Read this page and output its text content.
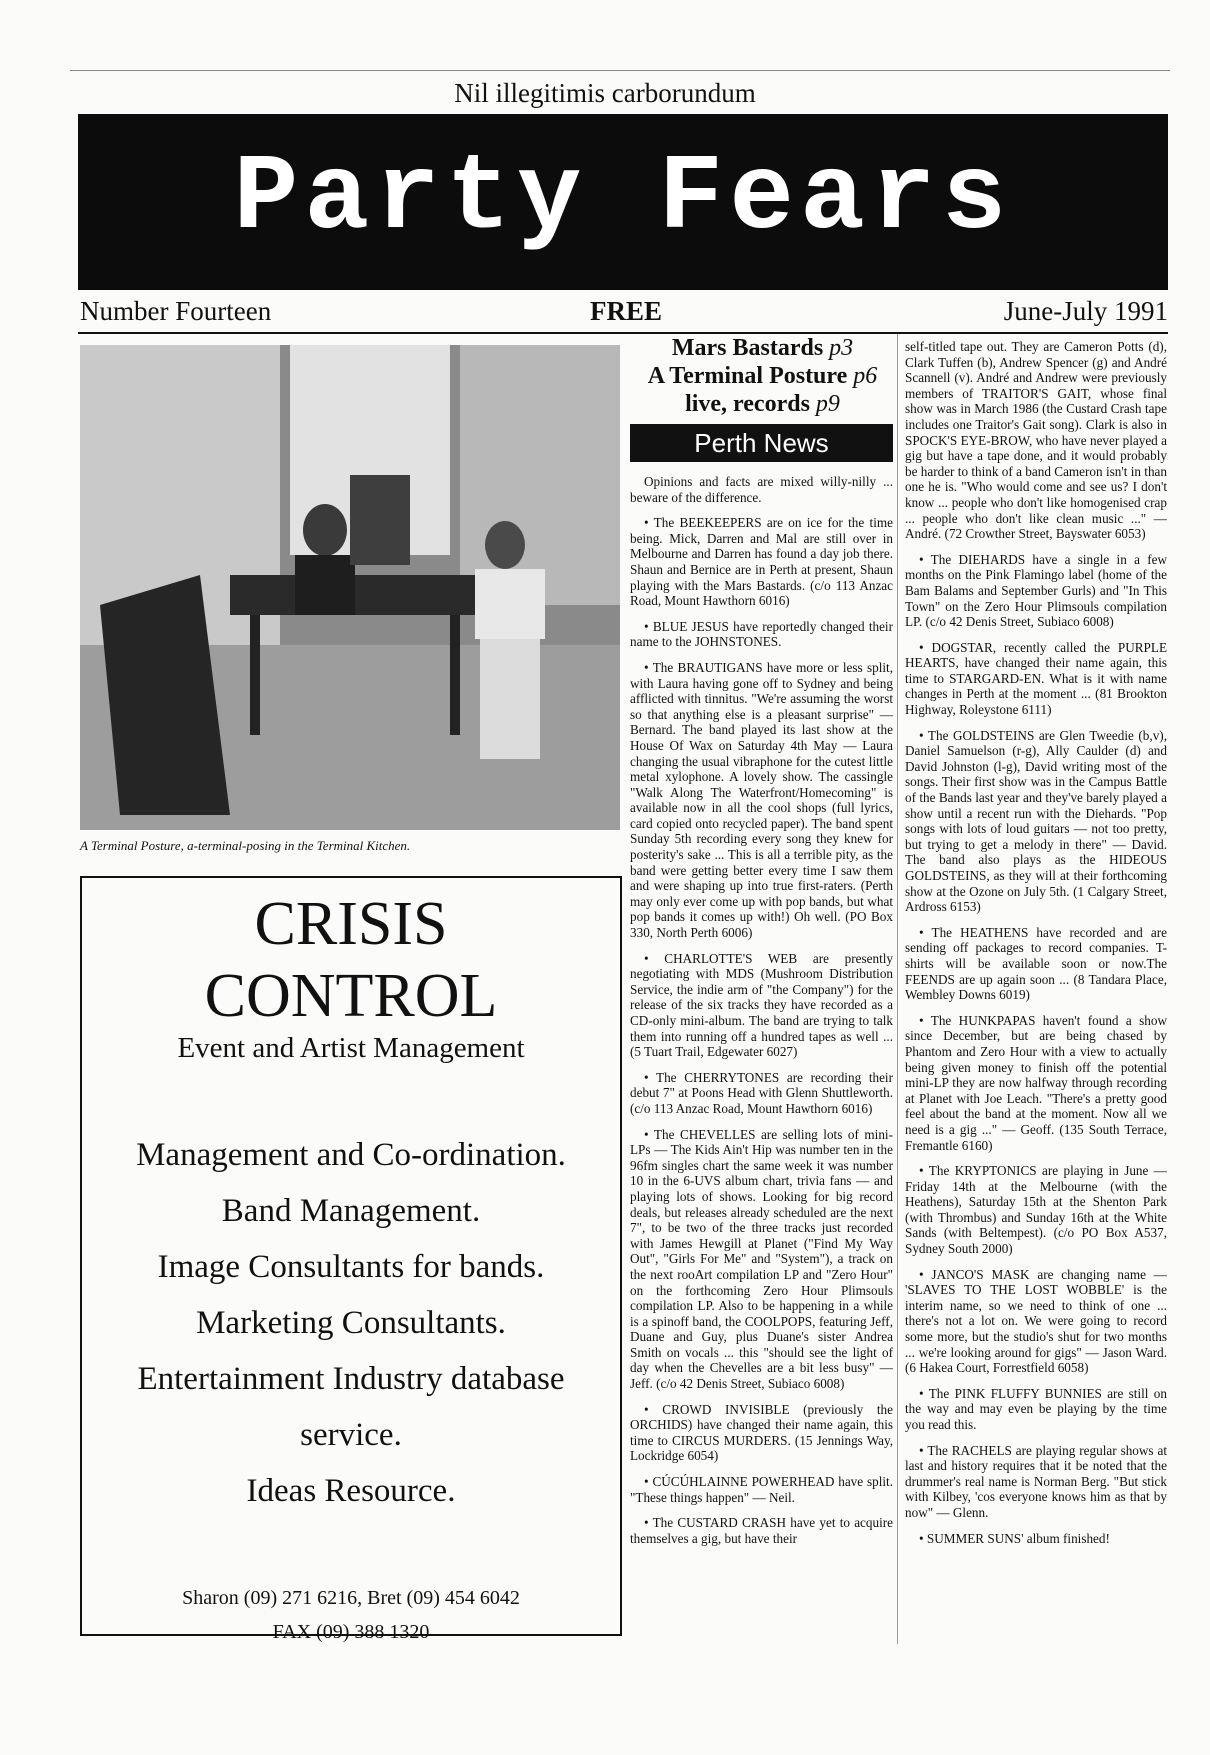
Nil illegitimis carborundum
Party Fears
Number Fourteen	FREE	June-July 1991
A Terminal Posture, a-terminal-posing in the Terminal Kitchen.
CRISIS
CONTROL
Event and Artist Management
Management and Co-ordination.
Band Management.
Image Consultants for bands.
Marketing Consultants.
Entertainment Industry database service.
Ideas Resource.
Sharon (09) 271 6216, Bret (09) 454 6042
FAX (09) 388 1320
Mars Bastards p3
A Terminal Posture p6
live, records p9
Perth News

Opinions and facts are mixed willy-nilly ... beware of the difference.

• The BEEKEEPERS are on ice for the time being. Mick, Darren and Mal are still over in Melbourne and Darren has found a day job there. Shaun and Bernice are in Perth at present, Shaun playing with the Mars Bastards. (c/o 113 Anzac Road, Mount Hawthorn 6016)

• BLUE JESUS have reportedly changed their name to the JOHNSTONES.

• The BRAUTIGANS have more or less split, with Laura having gone off to Sydney and being afflicted with tinnitus. "We're assuming the worst so that anything else is a pleasant surprise" — Bernard. The band played its last show at the House Of Wax on Saturday 4th May — Laura changing the usual vibraphone for the cutest little metal xylophone. A lovely show. The cassingle "Walk Along The Waterfront/Homecoming" is available now in all the cool shops (full lyrics, card copied onto recycled paper). The band spent Sunday 5th recording every song they knew for posterity's sake ... This is all a terrible pity, as the band were getting better every time I saw them and were shaping up into true first-raters. (Perth may only ever come up with pop bands, but what pop bands it comes up with!) Oh well. (PO Box 330, North Perth 6006)

• CHARLOTTE'S WEB are presently negotiating with MDS (Mushroom Distribution Service, the indie arm of "the Company") for the release of the six tracks they have recorded as a CD-only mini-album. The band are trying to talk them into running off a hundred tapes as well ... (5 Tuart Trail, Edgewater 6027)

• The CHERRYTONES are recording their debut 7" at Poons Head with Glenn Shuttleworth. (c/o 113 Anzac Road, Mount Hawthorn 6016)

• The CHEVELLES are selling lots of mini-LPs — The Kids Ain't Hip was number ten in the 96fm singles chart the same week it was number 10 in the 6-UVS album chart, trivia fans — and playing lots of shows. Looking for big record deals, but releases already scheduled are the next 7", to be two of the three tracks just recorded with James Hewgill at Planet ("Find My Way Out", "Girls For Me" and "System"), a track on the next rooArt compilation LP and "Zero Hour" on the forthcoming Zero Hour Plimsouls compilation LP. Also to be happening in a while is a spinoff band, the COOLPOPS, featuring Jeff, Duane and Guy, plus Duane's sister Andrea Smith on vocals ... this "should see the light of day when the Chevelles are a bit less busy" — Jeff. (c/o 42 Denis Street, Subiaco 6008)

• CROWD INVISIBLE (previously the ORCHIDS) have changed their name again, this time to CIRCUS MURDERS. (15 Jennings Way, Lockridge 6054)

• CÚCÚHLAINNE POWERHEAD have split. "These things happen" — Neil.

• The CUSTARD CRASH have yet to acquire themselves a gig, but have their

self-titled tape out. They are Cameron Potts (d), Clark Tuffen (b), Andrew Spencer (g) and André Scannell (v). André and Andrew were previously members of TRAITOR'S GAIT, whose final show was in March 1986 (the Custard Crash tape includes one Traitor's Gait song). Clark is also in SPOCK'S EYE-BROW, who have never played a gig but have a tape done, and it would probably be harder to think of a band Cameron isn't in than one he is. "Who would come and see us? I don't know ... people who don't like homogenised crap ... people who don't like clean music ..." — André. (72 Crowther Street, Bayswater 6053)

• The DIEHARDS have a single in a few months on the Pink Flamingo label (home of the Bam Balams and September Gurls) and "In This Town" on the Zero Hour Plimsouls compilation LP. (c/o 42 Denis Street, Subiaco 6008)

• DOGSTAR, recently called the PURPLE HEARTS, have changed their name again, this time to STARGARD-EN. What is it with name changes in Perth at the moment ... (81 Brookton Highway, Roleystone 6111)

• The GOLDSTEINS are Glen Tweedie (b,v), Daniel Samuelson (r-g), Ally Caulder (d) and David Johnston (l-g), David writing most of the songs. Their first show was in the Campus Battle of the Bands last year and they've barely played a show until a recent run with the Diehards. "Pop songs with lots of loud guitars — not too pretty, but trying to get a melody in there" — David. The band also plays as the HIDEOUS GOLDSTEINS, as they will at their forthcoming show at the Ozone on July 5th. (1 Calgary Street, Ardross 6153)

• The HEATHENS have recorded and are sending off packages to record companies. T-shirts will be available soon or now.The FEENDS are up again soon ... (8 Tandara Place, Wembley Downs 6019)

• The HUNKPAPAS haven't found a show since December, but are being chased by Phantom and Zero Hour with a view to actually being given money to finish off the potential mini-LP they are now halfway through recording at Planet with Joe Leach. "There's a pretty good feel about the band at the moment. Now all we need is a gig ..." — Geoff. (135 South Terrace, Fremantle 6160)

• The KRYPTONICS are playing in June — Friday 14th at the Melbourne (with the Heathens), Saturday 15th at the Shenton Park (with Thrombus) and Sunday 16th at the White Sands (with Beltempest). (c/o PO Box A537, Sydney South 2000)

• JANCO'S MASK are changing name — 'SLAVES TO THE LOST WOBBLE' is the interim name, so we need to think of one ... there's not a lot on. We were going to record some more, but the studio's shut for two months ... we're looking around for gigs" — Jason Ward. (6 Hakea Court, Forrestfield 6058)

• The PINK FLUFFY BUNNIES are still on the way and may even be playing by the time you read this.

• The RACHELS are playing regular shows at last and history requires that it be noted that the drummer's real name is Norman Berg. "But stick with Kilbey, 'cos everyone knows him as that by now" — Glenn.

• SUMMER SUNS' album finished!
